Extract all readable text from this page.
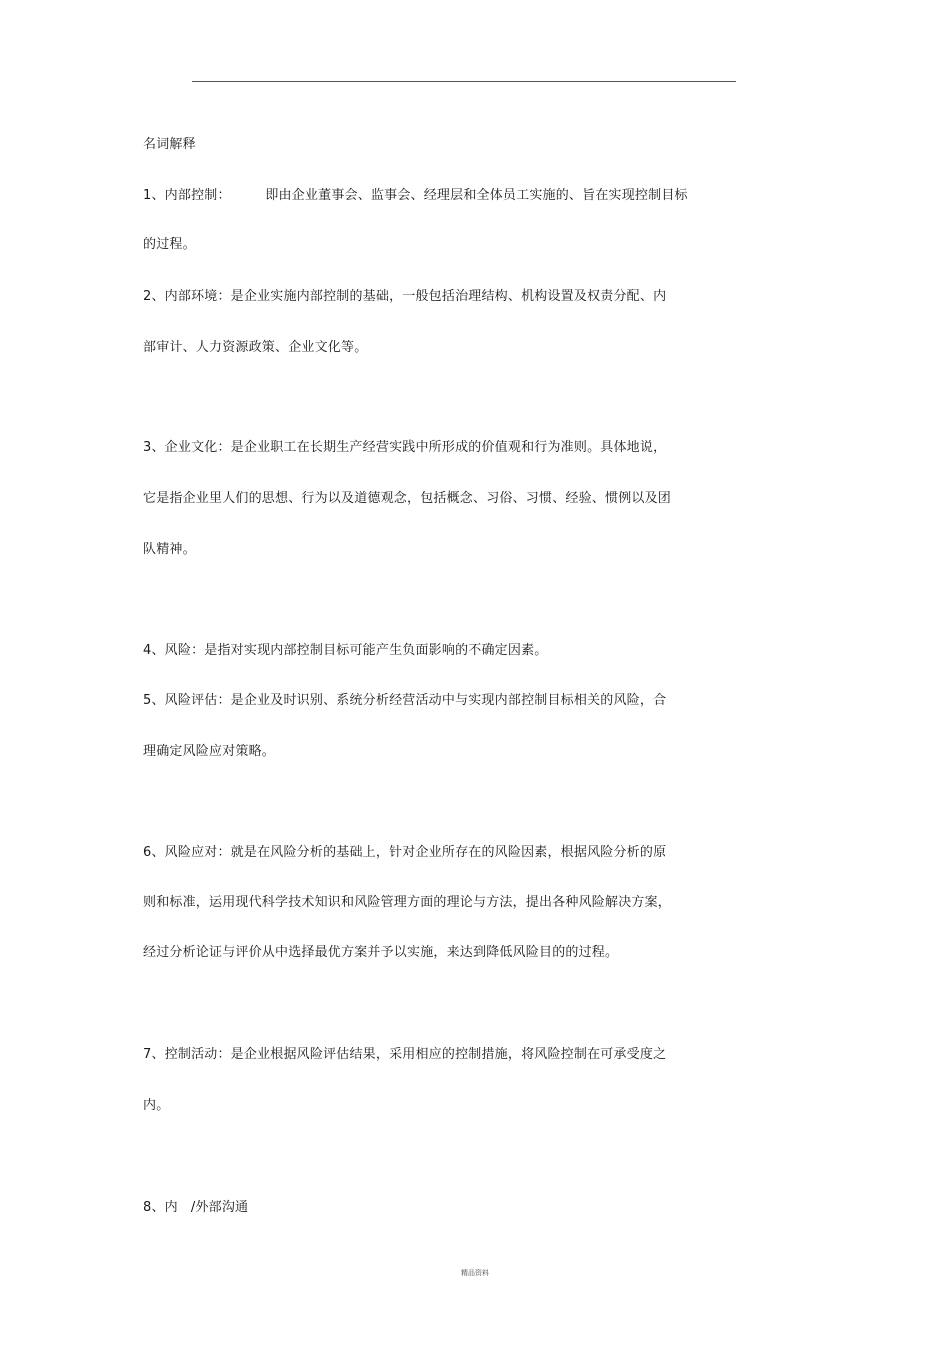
名词解释
1、内部控制：        即由企业董事会、监事会、经理层和全体员工实施的、旨在实现控制目标
的过程。
2、内部环境：是企业实施内部控制的基础，一般包括治理结构、机构设置及权责分配、内
部审计、人力资源政策、企业文化等。
3、企业文化：是企业职工在长期生产经营实践中所形成的价值观和行为准则。具体地说，
它是指企业里人们的思想、行为以及道德观念，包括概念、习俗、习惯、经验、惯例以及团
队精神。
4、风险：是指对实现内部控制目标可能产生负面影响的不确定因素。
5、风险评估：是企业及时识别、系统分析经营活动中与实现内部控制目标相关的风险，合
理确定风险应对策略。
6、风险应对：就是在风险分析的基础上，针对企业所存在的风险因素，根据风险分析的原
则和标准，运用现代科学技术知识和风险管理方面的理论与方法，提出各种风险解决方案，
经过分析论证与评价从中选择最优方案并予以实施，来达到降低风险目的的过程。
7、控制活动：是企业根据风险评估结果，采用相应的控制措施，将风险控制在可承受度之
内。
8、内   /外部沟通
精品资料
